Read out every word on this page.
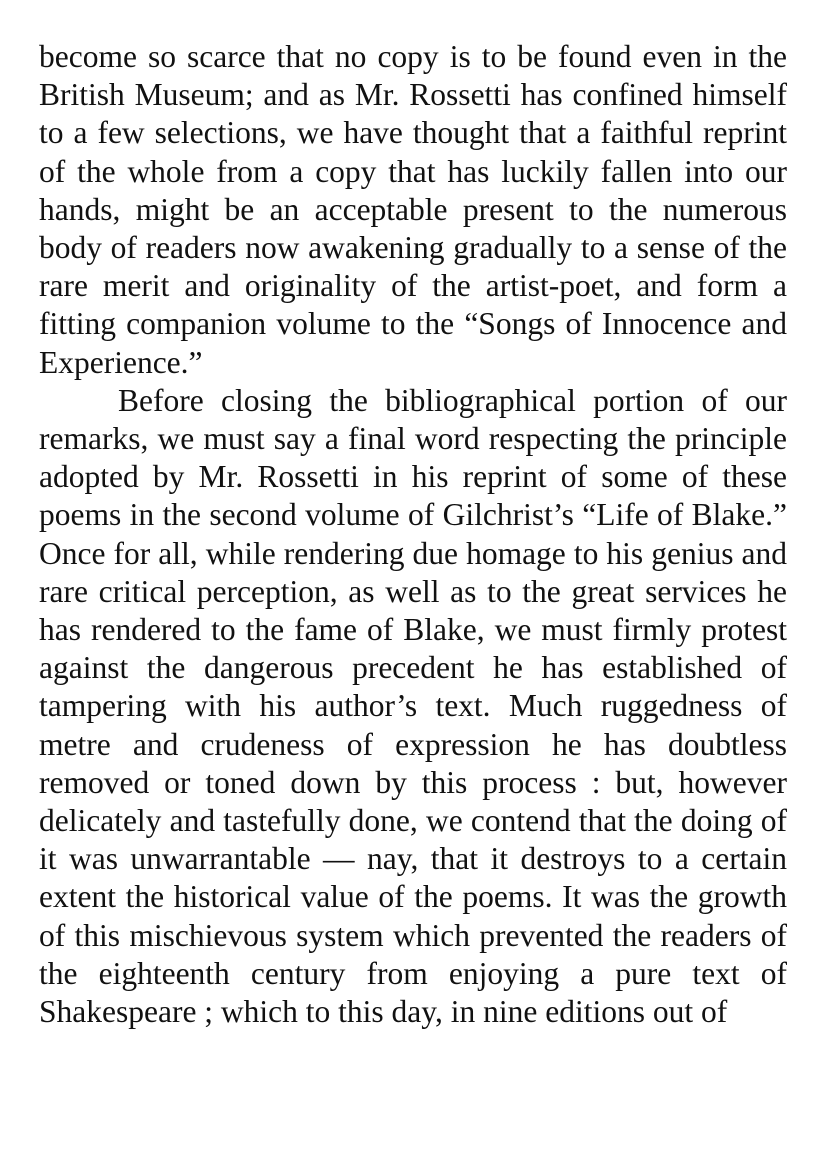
become so scarce that no copy is to be found even in the British Museum; and as Mr. Rossetti has confined himself to a few selections, we have thought that a faithful reprint of the whole from a copy that has luckily fallen into our hands, might be an acceptable present to the numerous body of readers now awakening gradually to a sense of the rare merit and originality of the artist-poet, and form a fitting companion volume to the “Songs of Innocence and Experience.”

Before closing the bibliographical portion of our remarks, we must say a final word respecting the principle adopted by Mr. Rossetti in his reprint of some of these poems in the second volume of Gilchrist’s “Life of Blake.” Once for all, while rendering due homage to his genius and rare critical perception, as well as to the great services he has rendered to the fame of Blake, we must firmly protest against the dangerous precedent he has established of tampering with his author’s text. Much ruggedness of metre and crudeness of expression he has doubtless removed or toned down by this process : but, however delicately and tastefully done, we contend that the doing of it was unwarrantable — nay, that it destroys to a certain extent the historical value of the poems. It was the growth of this mischievous system which prevented the readers of the eighteenth century from enjoying a pure text of Shakespeare ; which to this day, in nine editions out of
